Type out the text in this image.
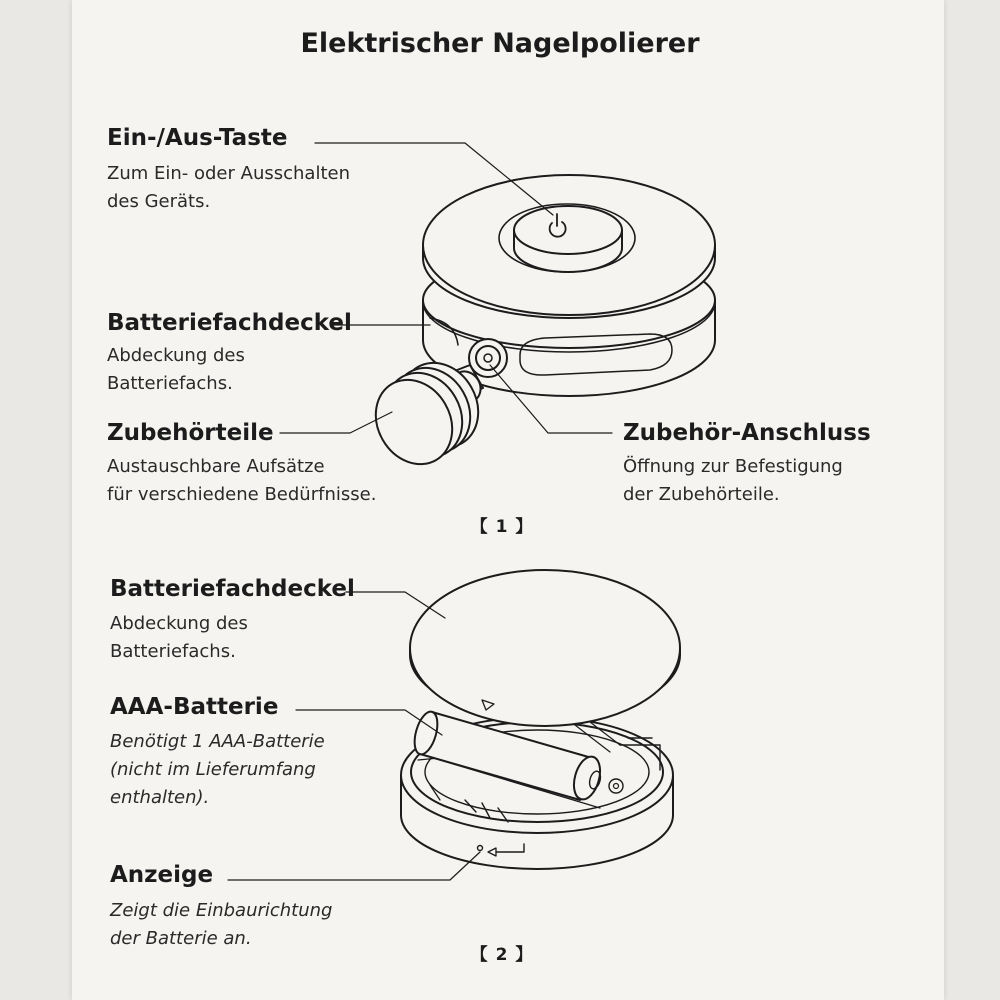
Elektrischer Nagelpolierer
Ein-/Aus-Taste
Zum Ein- oder Ausschalten
des Geräts.
Batteriefachdeckel
Abdeckung des
Batteriefachs.
Zubehörteile
Austauschbare Aufsätze
für verschiedene Bedürfnisse.
Zubehör-Anschluss
Öffnung zur Befestigung
der Zubehörteile.
【 1 】
Batteriefachdeckel
Abdeckung des
Batteriefachs.
AAA-Batterie
Benötigt 1 AAA-Batterie
(nicht im Lieferumfang
enthalten).
Anzeige
Zeigt die Einbaurichtung
der Batterie an.
【 2 】
